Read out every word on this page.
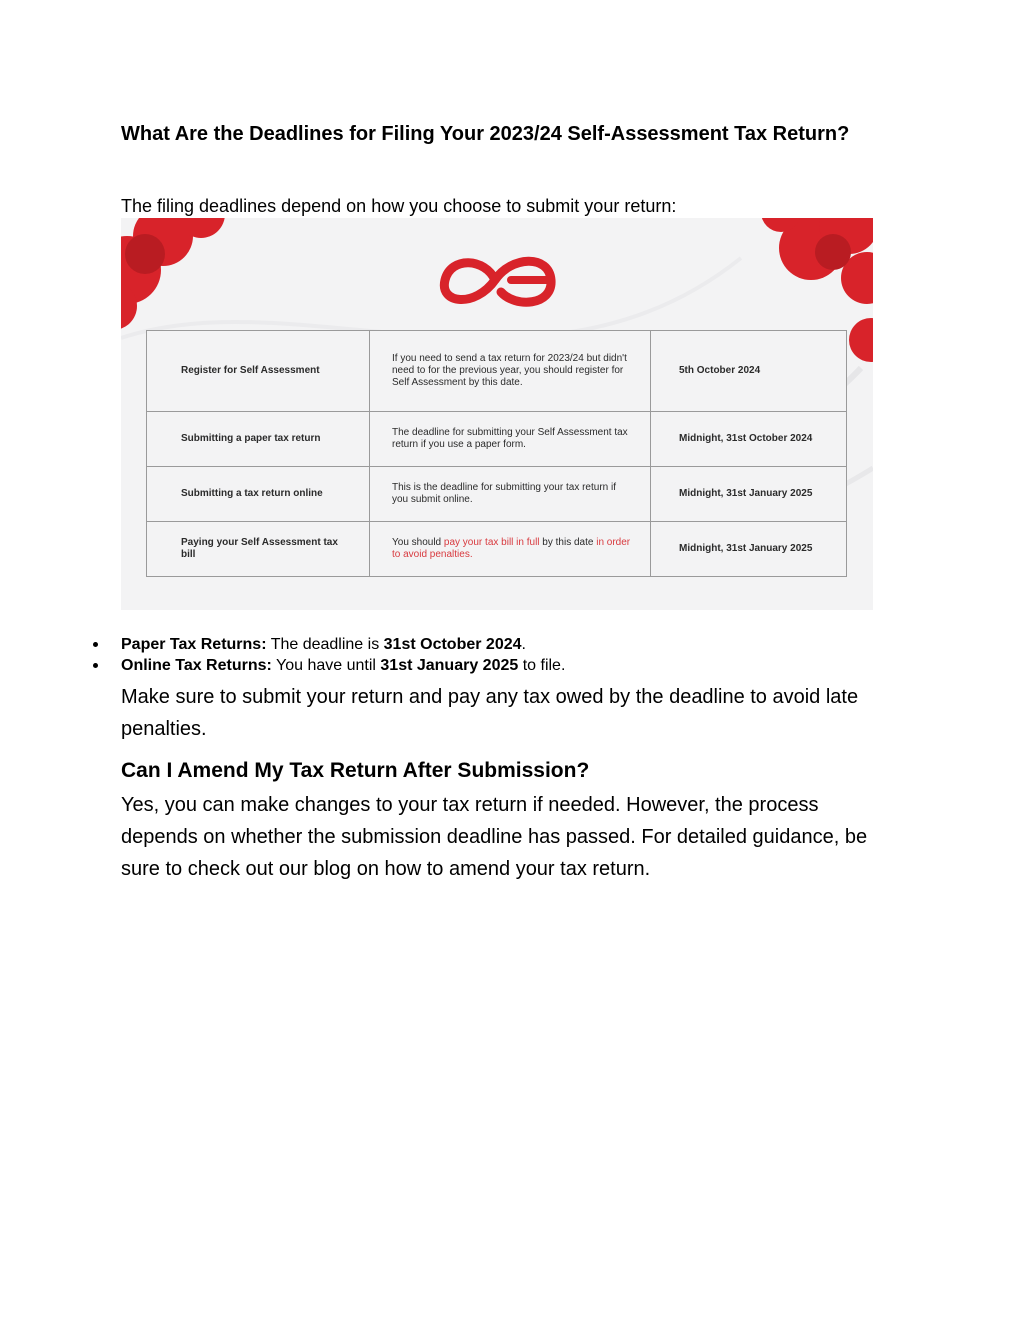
What Are the Deadlines for Filing Your 2023/24 Self-Assessment Tax Return?

The filing deadlines depend on how you choose to submit your return:

Register for Self Assessment	If you need to send a tax return for 2023/24 but didn't need to for the previous year, you should register for Self Assessment by this date.	5th October 2024
Submitting a paper tax return	The deadline for submitting your Self Assessment tax return if you use a paper form.	Midnight, 31st October 2024
Submitting a tax return online	This is the deadline for submitting your tax return if you submit online.	Midnight, 31st January 2025
Paying your Self Assessment tax bill	You should pay your tax bill in full by this date in order to avoid penalties.	Midnight, 31st January 2025
Paper Tax Returns: The deadline is 31st October 2024.
Online Tax Returns: You have until 31st January 2025 to file.

Make sure to submit your return and pay any tax owed by the deadline to avoid late penalties.

Can I Amend My Tax Return After Submission?

Yes, you can make changes to your tax return if needed. However, the process depends on whether the submission deadline has passed. For detailed guidance, be sure to check out our blog on how to amend your tax return.
